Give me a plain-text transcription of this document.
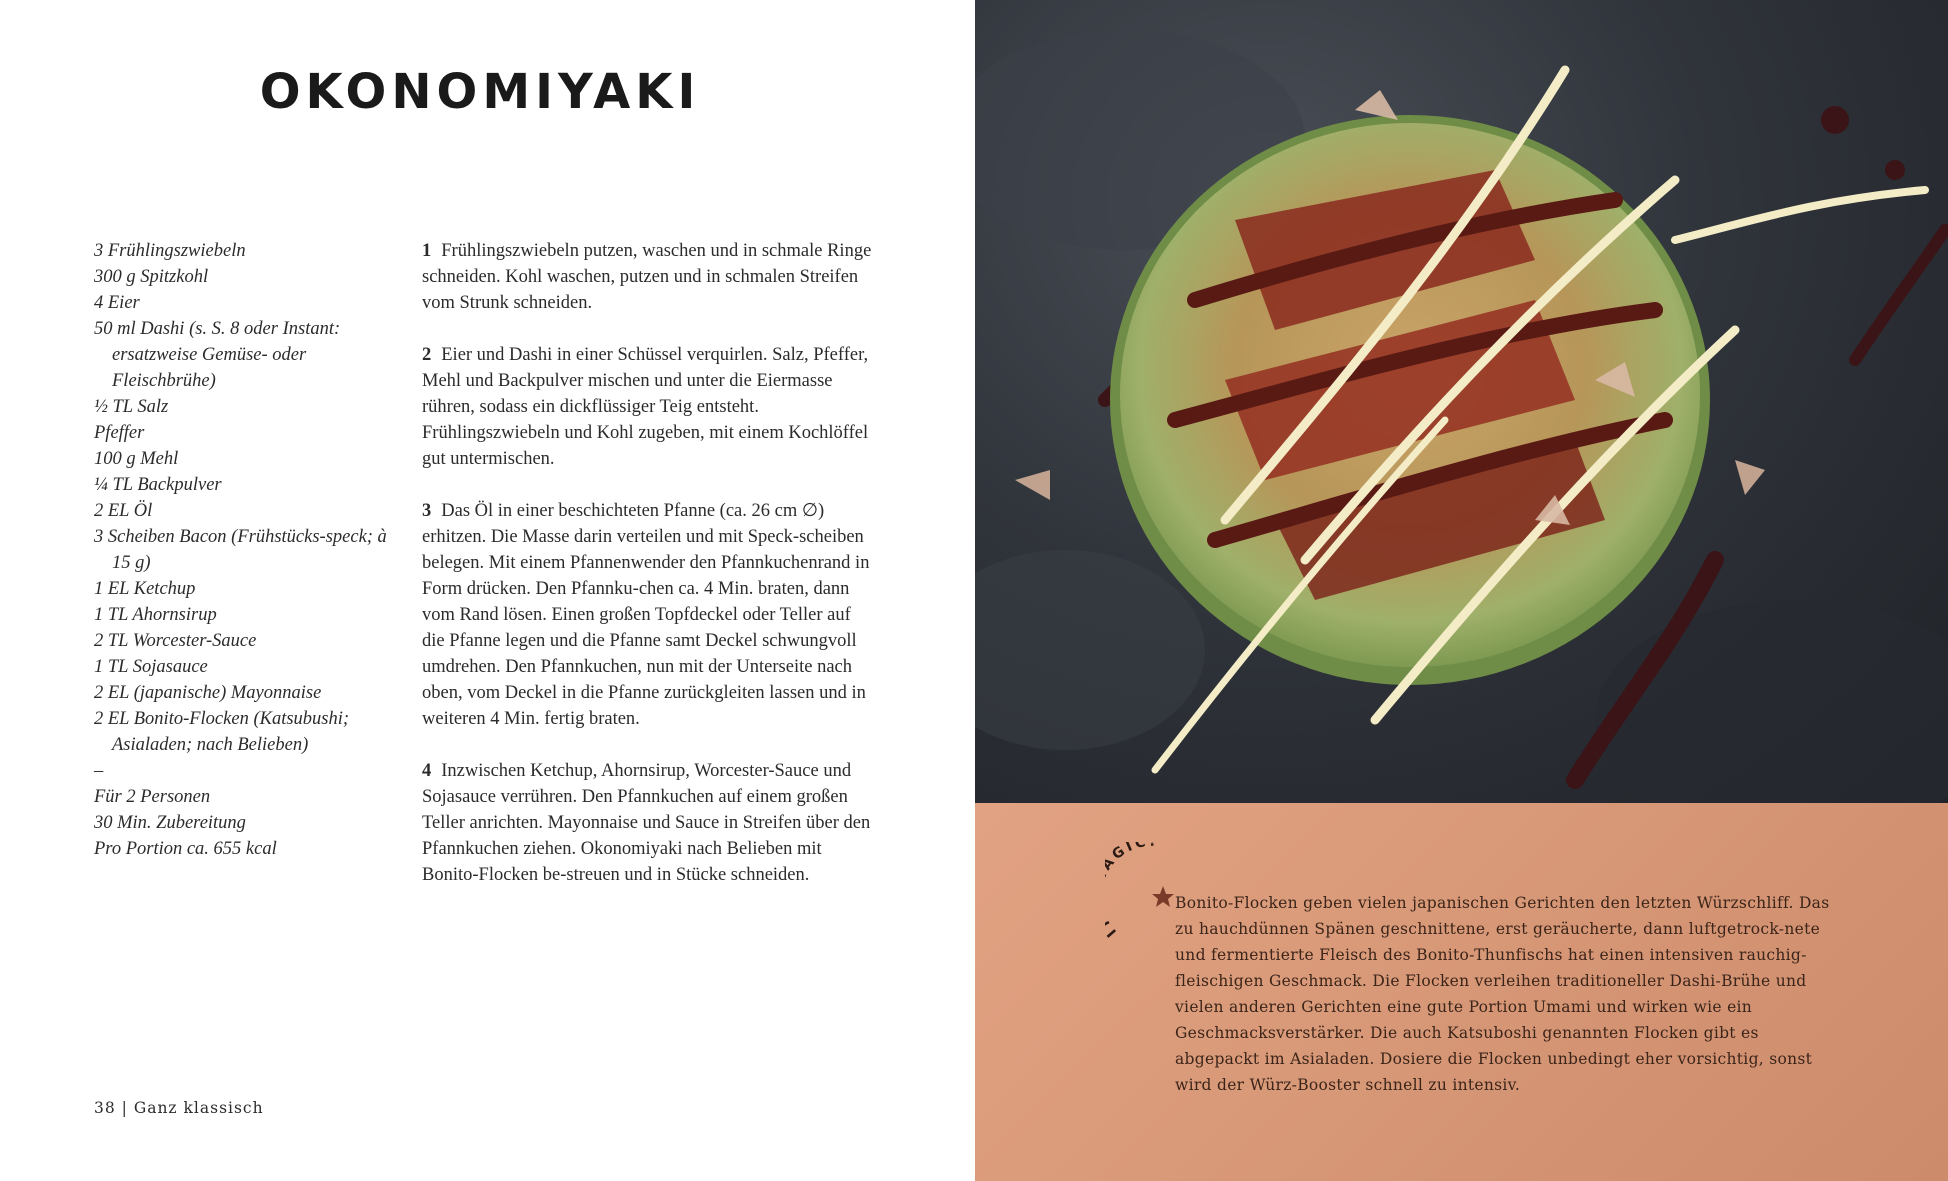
OKONOMIYAKI

3 Frühlingszwiebeln

300 g Spitzkohl

4 Eier

50 ml Dashi (s. S. 8 oder Instant: ersatzweise Gemüse- oder Fleischbrühe)

½ TL Salz

Pfeffer

100 g Mehl

¼ TL Backpulver

2 EL Öl

3 Scheiben Bacon (Frühstücks-speck; à 15 g)

1 EL Ketchup

1 TL Ahornsirup

2 TL Worcester-Sauce

1 TL Sojasauce

2 EL (japanische) Mayonnaise

2 EL Bonito-Flocken (Katsubushi; Asialaden; nach Belieben)

–

Für 2 Personen

30 Min. Zubereitung

Pro Portion ca. 655 kcal

1 Frühlingszwiebeln putzen, waschen und in schmale Ringe schneiden. Kohl waschen, putzen und in schmalen Streifen vom Strunk schneiden.

2 Eier und Dashi in einer Schüssel verquirlen. Salz, Pfeffer, Mehl und Backpulver mischen und unter die Eiermasse rühren, sodass ein dickflüssiger Teig entsteht. Frühlingszwiebeln und Kohl zugeben, mit einem Kochlöffel gut untermischen.

3 Das Öl in einer beschichteten Pfanne (ca. 26 cm ∅) erhitzen. Die Masse darin verteilen und mit Speck-scheiben belegen. Mit einem Pfannenwender den Pfannkuchenrand in Form drücken. Den Pfannku-chen ca. 4 Min. braten, dann vom Rand lösen. Einen großen Topfdeckel oder Teller auf die Pfanne legen und die Pfanne samt Deckel schwungvoll umdrehen. Den Pfannkuchen, nun mit der Unterseite nach oben, vom Deckel in die Pfanne zurückgleiten lassen und in weiteren 4 Min. fertig braten.

4 Inzwischen Ketchup, Ahornsirup, Worcester-Sauce und Sojasauce verrühren. Den Pfannkuchen auf einem großen Teller anrichten. Mayonnaise und Sauce in Streifen über den Pfannkuchen ziehen. Okonomiyaki nach Belieben mit Bonito-Flocken be-streuen und in Stücke schneiden.

38 | Ganz klassisch
GIC

Bonito-Flocken geben vielen japanischen Gerichten den letzten Würzschliff. Das zu hauchdünnen Spänen geschnittene, erst geräucherte, dann luftgetrock-nete und fermentierte Fleisch des Bonito-Thunfischs hat einen intensiven rauchig-fleischigen Geschmack. Die Flocken verleihen traditioneller Dashi-Brühe und vielen anderen Gerichten eine gute Portion Umami und wirken wie ein Geschmacksverstärker. Die auch Katsuboshi genannten Flocken gibt es abgepackt im Asialaden. Dosiere die Flocken unbedingt eher vorsichtig, sonst wird der Würz-Booster schnell zu intensiv.
